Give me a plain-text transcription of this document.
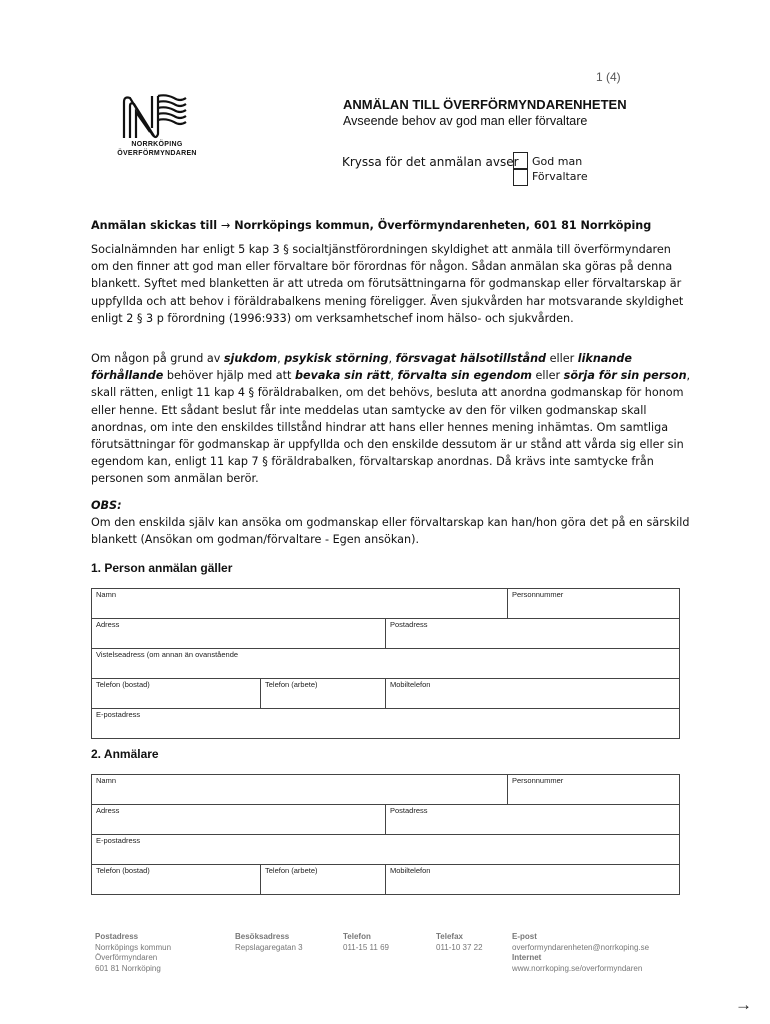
1 (4)
NORRKÖPING
ÖVERFÖRMYNDAREN
ANMÄLAN TILL ÖVERFÖRMYNDARENHETEN
Avseende behov av god man eller förvaltare
Kryssa för det anmälan avser God man
Förvaltare
Anmälan skickas till → Norrköpings kommun, Överförmyndarenheten, 601 81 Norrköping

Socialnämnden har enligt 5 kap 3 § socialtjänstförordningen skyldighet att anmäla till överförmyndaren om den finner att god man eller förvaltare bör förordnas för någon. Sådan anmälan ska göras på denna blankett. Syftet med blanketten är att utreda om förutsättningarna för godmanskap eller förvaltarskap är uppfyllda och att behov i föräldrabalkens mening föreligger. Även sjukvården har motsvarande skyldighet enligt 2 § 3 p förordning (1996:933) om verksamhetschef inom hälso- och sjukvården.

Om någon på grund av sjukdom, psykisk störning, försvagat hälsotillstånd eller liknande förhållande behöver hjälp med att bevaka sin rätt, förvalta sin egendom eller sörja för sin person, skall rätten, enligt 11 kap 4 § föräldrabalken, om det behövs, besluta att anordna godmanskap för honom eller henne. Ett sådant beslut får inte meddelas utan samtycke av den för vilken godmanskap skall anordnas, om inte den enskildes tillstånd hindrar att hans eller hennes mening inhämtas. Om samtliga förutsättningar för godmanskap är uppfyllda och den enskilde dessutom är ur stånd att vårda sig eller sin egendom kan, enligt 11 kap 7 § föräldrabalken, förvaltarskap anordnas. Då krävs inte samtycke från personen som anmälan berör.

OBS:

Om den enskilda själv kan ansöka om godmanskap eller förvaltarskap kan han/hon göra det på en särskild blankett (Ansökan om godman/förvaltare - Egen ansökan).

1. Person anmälan gäller
Namn			Personnummer
Adress		Postadress	
Vistelseadress (om annan än ovanstående			
Telefon (bostad)	Telefon (arbete)	Mobiltelefon	
E-postadress			
2. Anmälare
Namn			Personnummer
Adress		Postadress	
E-postadress			
Telefon (bostad)	Telefon (arbete)	Mobiltelefon	
Postadress
Norrköpings kommun
Överförmyndaren
601 81 Norrköping
Besöksadress
Repslagaregatan 3
Telefon
011-15 11 69
Telefax
011-10 37 22
E-post
overformyndarenheten@norrkoping.se
Internet
www.norrkoping.se/overformyndaren
→
